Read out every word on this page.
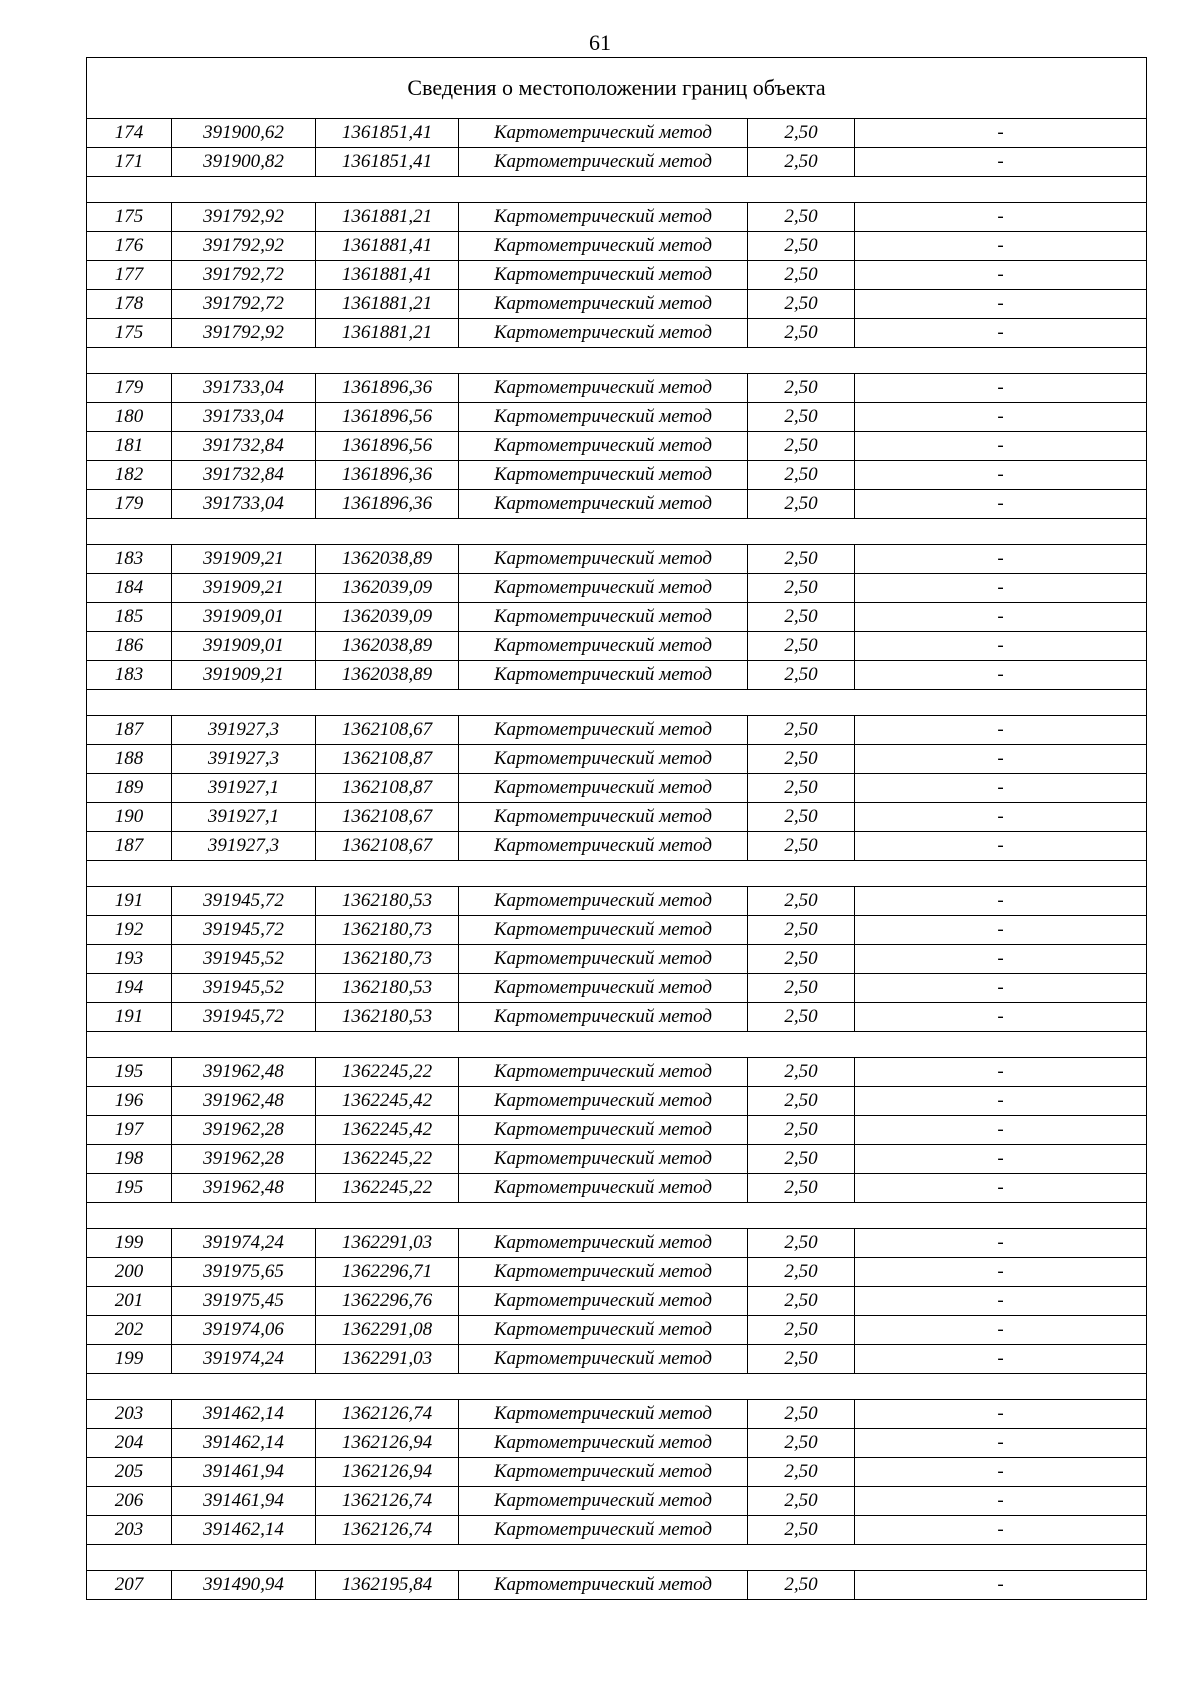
61
Сведения о местоположении границ объекта					
174	391900,62	1361851,41	Картометрический метод	2,50	-
171	391900,82	1361851,41	Картометрический метод	2,50	-

175	391792,92	1361881,21	Картометрический метод	2,50	-
176	391792,92	1361881,41	Картометрический метод	2,50	-
177	391792,72	1361881,41	Картометрический метод	2,50	-
178	391792,72	1361881,21	Картометрический метод	2,50	-
175	391792,92	1361881,21	Картометрический метод	2,50	-

179	391733,04	1361896,36	Картометрический метод	2,50	-
180	391733,04	1361896,56	Картометрический метод	2,50	-
181	391732,84	1361896,56	Картометрический метод	2,50	-
182	391732,84	1361896,36	Картометрический метод	2,50	-
179	391733,04	1361896,36	Картометрический метод	2,50	-

183	391909,21	1362038,89	Картометрический метод	2,50	-
184	391909,21	1362039,09	Картометрический метод	2,50	-
185	391909,01	1362039,09	Картометрический метод	2,50	-
186	391909,01	1362038,89	Картометрический метод	2,50	-
183	391909,21	1362038,89	Картометрический метод	2,50	-

187	391927,3	1362108,67	Картометрический метод	2,50	-
188	391927,3	1362108,87	Картометрический метод	2,50	-
189	391927,1	1362108,87	Картометрический метод	2,50	-
190	391927,1	1362108,67	Картометрический метод	2,50	-
187	391927,3	1362108,67	Картометрический метод	2,50	-

191	391945,72	1362180,53	Картометрический метод	2,50	-
192	391945,72	1362180,73	Картометрический метод	2,50	-
193	391945,52	1362180,73	Картометрический метод	2,50	-
194	391945,52	1362180,53	Картометрический метод	2,50	-
191	391945,72	1362180,53	Картометрический метод	2,50	-

195	391962,48	1362245,22	Картометрический метод	2,50	-
196	391962,48	1362245,42	Картометрический метод	2,50	-
197	391962,28	1362245,42	Картометрический метод	2,50	-
198	391962,28	1362245,22	Картометрический метод	2,50	-
195	391962,48	1362245,22	Картометрический метод	2,50	-

199	391974,24	1362291,03	Картометрический метод	2,50	-
200	391975,65	1362296,71	Картометрический метод	2,50	-
201	391975,45	1362296,76	Картометрический метод	2,50	-
202	391974,06	1362291,08	Картометрический метод	2,50	-
199	391974,24	1362291,03	Картометрический метод	2,50	-

203	391462,14	1362126,74	Картометрический метод	2,50	-
204	391462,14	1362126,94	Картометрический метод	2,50	-
205	391461,94	1362126,94	Картометрический метод	2,50	-
206	391461,94	1362126,74	Картометрический метод	2,50	-
203	391462,14	1362126,74	Картометрический метод	2,50	-

207	391490,94	1362195,84	Картометрический метод	2,50	-
